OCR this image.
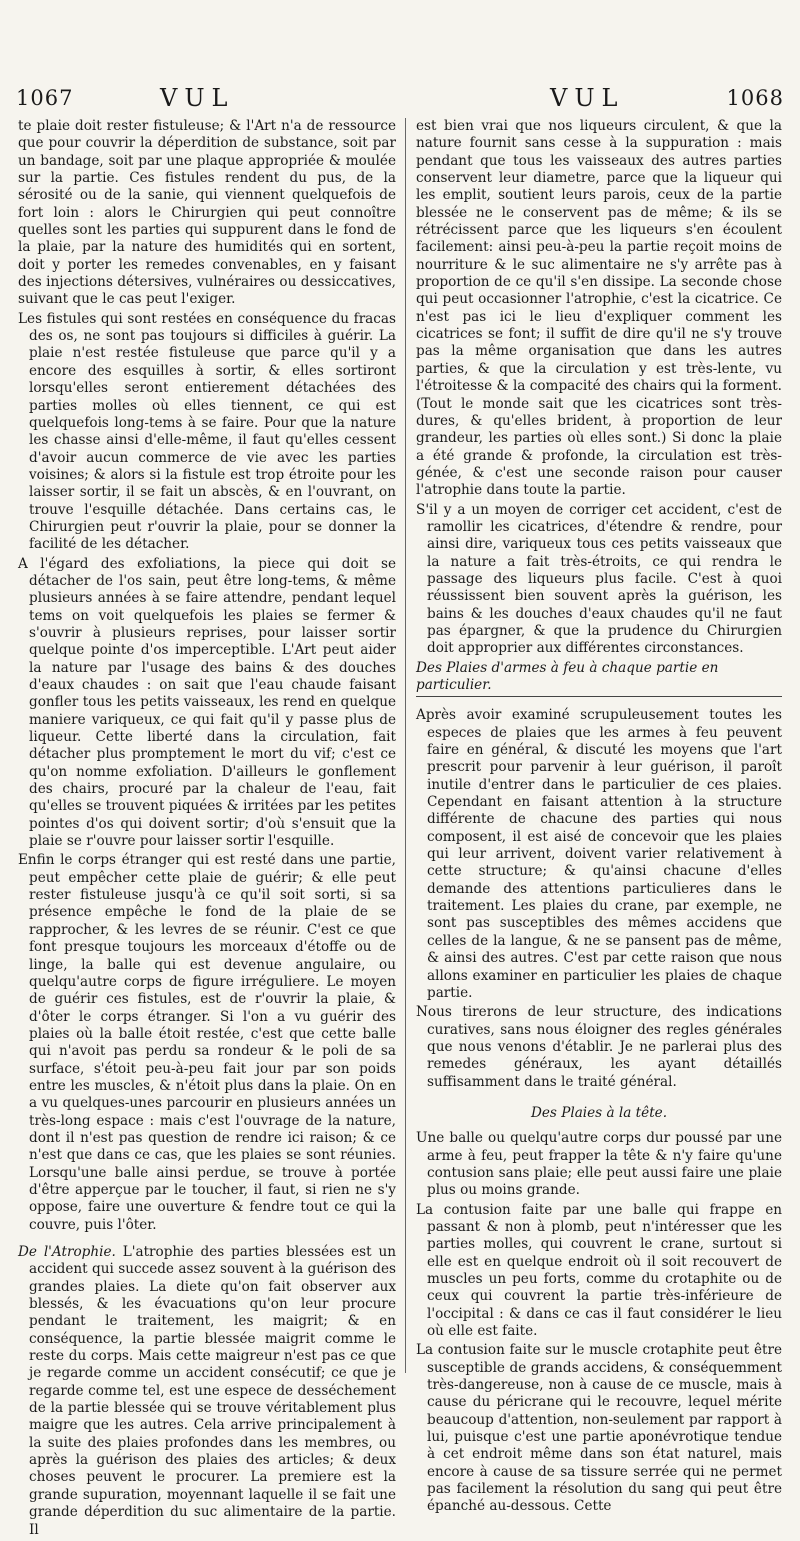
1067	VUL	VUL	1068

te plaie doit rester fistuleuse; & l'Art n'a de ressource que pour couvrir la déperdition de substance, soit par un bandage, soit par une plaque appropriée & moulée sur la partie. Ces fistules rendent du pus, de la sérosité ou de la sanie, qui viennent quelquefois de fort loin : alors le Chirurgien qui peut connoître quelles sont les parties qui suppurent dans le fond de la plaie, par la nature des humidités qui en sortent, doit y porter les remedes convenables, en y faisant des injections détersives, vulnéraires ou dessiccatives, suivant que le cas peut l'exiger.

Les fistules qui sont restées en conséquence du fracas des os, ne sont pas toujours si difficiles à guérir. La plaie n'est restée fistuleuse que parce qu'il y a encore des esquilles à sortir, & elles sortiront lorsqu'elles seront entierement détachées des parties molles où elles tiennent, ce qui est quelquefois long-tems à se faire. Pour que la nature les chasse ainsi d'elle-même, il faut qu'elles cessent d'avoir aucun commerce de vie avec les parties voisines; & alors si la fistule est trop étroite pour les laisser sortir, il se fait un abscès, & en l'ouvrant, on trouve l'esquille détachée. Dans certains cas, le Chirurgien peut r'ouvrir la plaie, pour se donner la facilité de les détacher.

A l'égard des exfoliations, la piece qui doit se détacher de l'os sain, peut être long-tems, & même plusieurs années à se faire attendre, pendant lequel tems on voit quelquefois les plaies se fermer & s'ouvrir à plusieurs reprises, pour laisser sortir quelque pointe d'os imperceptible. L'Art peut aider la nature par l'usage des bains & des douches d'eaux chaudes : on sait que l'eau chaude faisant gonfler tous les petits vaisseaux, les rend en quelque maniere variqueux, ce qui fait qu'il y passe plus de liqueur. Cette liberté dans la circulation, fait détacher plus promptement le mort du vif; c'est ce qu'on nomme exfoliation. D'ailleurs le gonflement des chairs, procuré par la chaleur de l'eau, fait qu'elles se trouvent piquées & irritées par les petites pointes d'os qui doivent sortir; d'où s'ensuit que la plaie se r'ouvre pour laisser sortir l'esquille.

Enfin le corps étranger qui est resté dans une partie, peut empêcher cette plaie de guérir; & elle peut rester fistuleuse jusqu'à ce qu'il soit sorti, si sa présence empêche le fond de la plaie de se rapprocher, & les levres de se réunir. C'est ce que font presque toujours les morceaux d'étoffe ou de linge, la balle qui est devenue angulaire, ou quelqu'autre corps de figure irréguliere. Le moyen de guérir ces fistules, est de r'ouvrir la plaie, & d'ôter le corps étranger. Si l'on a vu guérir des plaies où la balle étoit restée, c'est que cette balle qui n'avoit pas perdu sa rondeur & le poli de sa surface, s'étoit peu-à-peu fait jour par son poids entre les muscles, & n'étoit plus dans la plaie. On en a vu quelques-unes parcourir en plusieurs années un très-long espace : mais c'est l'ouvrage de la nature, dont il n'est pas question de rendre ici raison; & ce n'est que dans ce cas, que les plaies se sont réunies. Lorsqu'une balle ainsi perdue, se trouve à portée d'être apperçue par le toucher, il faut, si rien ne s'y oppose, faire une ouverture & fendre tout ce qui la couvre, puis l'ôter.

De l'Atrophie. L'atrophie des parties blessées est un accident qui succede assez souvent à la guérison des grandes plaies. La diete qu'on fait observer aux blessés, & les évacuations qu'on leur procure pendant le traitement, les maigrit; & en conséquence, la partie blessée maigrit comme le reste du corps. Mais cette maigreur n'est pas ce que je regarde comme un accident consécutif; ce que je regarde comme tel, est une espece de desséchement de la partie blessée qui se trouve véritablement plus maigre que les autres. Cela arrive principalement à la suite des plaies profondes dans les membres, ou après la guérison des plaies des articles; & deux choses peuvent le procurer. La premiere est la grande supuration, moyennant laquelle il se fait une grande déperdition du suc alimentaire de la partie. Il

est bien vrai que nos liqueurs circulent, & que la nature fournit sans cesse à la suppuration : mais pendant que tous les vaisseaux des autres parties conservent leur diametre, parce que la liqueur qui les emplit, soutient leurs parois, ceux de la partie blessée ne le conservent pas de même; & ils se rétrécissent parce que les liqueurs s'en écoulent facilement: ainsi peu-à-peu la partie reçoit moins de nourriture & le suc alimentaire ne s'y arrête pas à proportion de ce qu'il s'en dissipe. La seconde chose qui peut occasionner l'atrophie, c'est la cicatrice. Ce n'est pas ici le lieu d'expliquer comment les cicatrices se font; il suffit de dire qu'il ne s'y trouve pas la même organisation que dans les autres parties, & que la circulation y est très-lente, vu l'étroitesse & la compacité des chairs qui la forment. (Tout le monde sait que les cicatrices sont très-dures, & qu'elles brident, à proportion de leur grandeur, les parties où elles sont.) Si donc la plaie a été grande & profonde, la circulation est très-génée, & c'est une seconde raison pour causer l'atrophie dans toute la partie.

S'il y a un moyen de corriger cet accident, c'est de ramollir les cicatrices, d'étendre & rendre, pour ainsi dire, variqueux tous ces petits vaisseaux que la nature a fait très-étroits, ce qui rendra le passage des liqueurs plus facile. C'est à quoi réussissent bien souvent après la guérison, les bains & les douches d'eaux chaudes qu'il ne faut pas épargner, & que la prudence du Chirurgien doit approprier aux différentes circonstances.

Des Plaies d'armes à feu à chaque partie en particulier.

Après avoir examiné scrupuleusement toutes les especes de plaies que les armes à feu peuvent faire en général, & discuté les moyens que l'art prescrit pour parvenir à leur guérison, il paroît inutile d'entrer dans le particulier de ces plaies. Cependant en faisant attention à la structure différente de chacune des parties qui nous composent, il est aisé de concevoir que les plaies qui leur arrivent, doivent varier relativement à cette structure; & qu'ainsi chacune d'elles demande des attentions particulieres dans le traitement. Les plaies du crane, par exemple, ne sont pas susceptibles des mêmes accidens que celles de la langue, & ne se pansent pas de même, & ainsi des autres. C'est par cette raison que nous allons examiner en particulier les plaies de chaque partie.

Nous tirerons de leur structure, des indications curatives, sans nous éloigner des regles générales que nous venons d'établir. Je ne parlerai plus des remedes généraux, les ayant détaillés suffisamment dans le traité général.

Des Plaies à la tête.

Une balle ou quelqu'autre corps dur poussé par une arme à feu, peut frapper la tête & n'y faire qu'une contusion sans plaie; elle peut aussi faire une plaie plus ou moins grande.

La contusion faite par une balle qui frappe en passant & non à plomb, peut n'intéresser que les parties molles, qui couvrent le crane, surtout si elle est en quelque endroit où il soit recouvert de muscles un peu forts, comme du crotaphite ou de ceux qui couvrent la partie très-inférieure de l'occipital : & dans ce cas il faut considérer le lieu où elle est faite.

La contusion faite sur le muscle crotaphite peut être susceptible de grands accidens, & conséquemment très-dangereuse, non à cause de ce muscle, mais à cause du péricrane qui le recouvre, lequel mérite beaucoup d'attention, non-seulement par rapport à lui, puisque c'est une partie aponévrotique tendue à cet endroit même dans son état naturel, mais encore à cause de sa tissure serrée qui ne permet pas facilement la résolution du sang qui peut être épanché au-dessous. Cette
